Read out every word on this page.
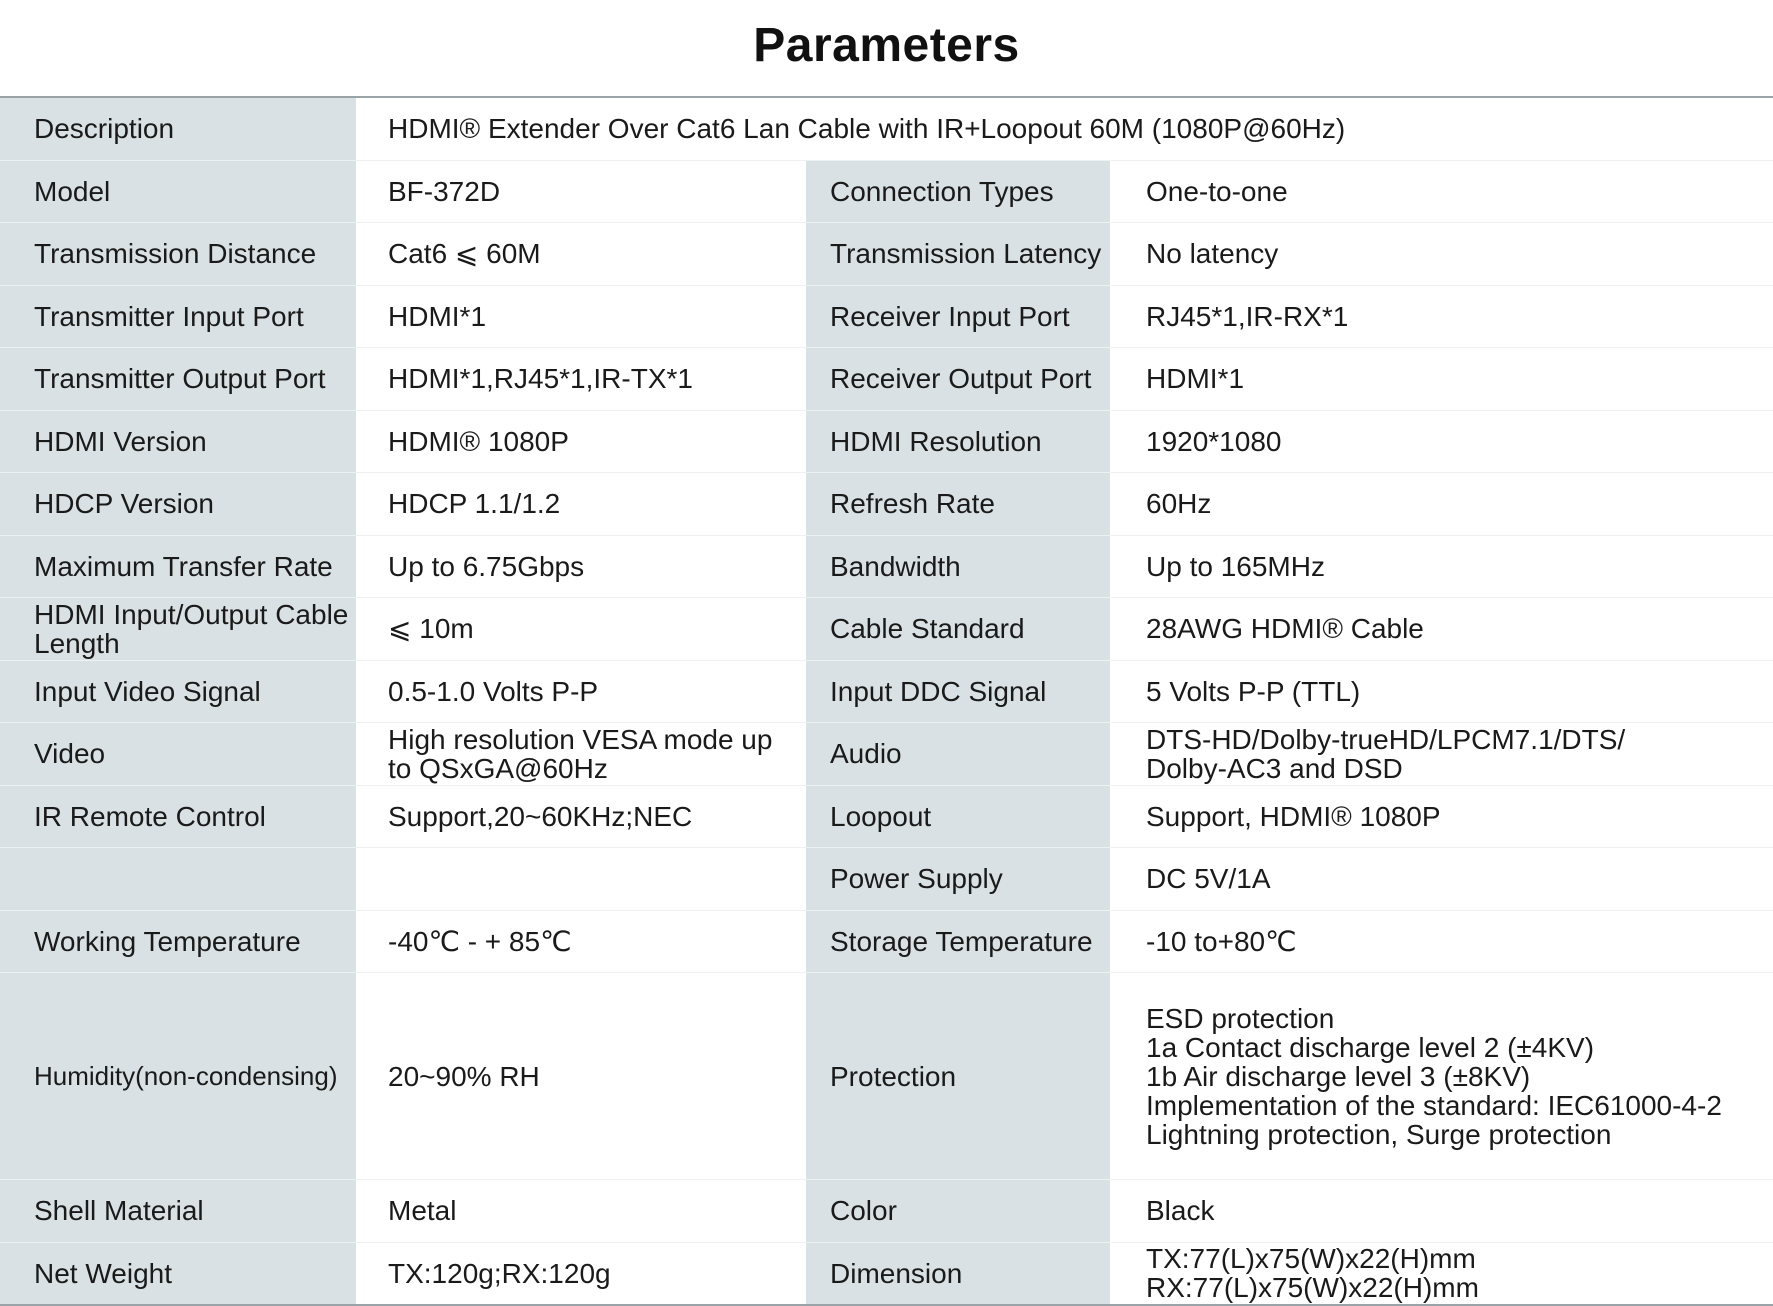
Parameters
Description	HDMI® Extender Over Cat6 Lan Cable with IR+Loopout 60M (1080P@60Hz)		
Model	BF-372D	Connection Types	One-to-one
Transmission Distance	Cat6 ⩽ 60M	Transmission Latency	No latency
Transmitter Input Port	HDMI*1	Receiver Input Port	RJ45*1,IR-RX*1
Transmitter Output Port	HDMI*1,RJ45*1,IR-TX*1	Receiver Output Port	HDMI*1
HDMI Version	HDMI® 1080P	HDMI Resolution	1920*1080
HDCP Version	HDCP 1.1/1.2	Refresh Rate	60Hz
Maximum Transfer Rate	Up to 6.75Gbps	Bandwidth	Up to 165MHz
HDMI Input/Output Cable
Length	⩽ 10m	Cable Standard	28AWG HDMI® Cable
Input Video Signal	0.5-1.0 Volts P-P	Input DDC Signal	5 Volts P-P (TTL)
Video	High resolution VESA mode up
to QSxGA@60Hz	Audio	DTS-HD/Dolby-trueHD/LPCM7.1/DTS/
Dolby-AC3 and DSD
IR Remote Control	Support,20~60KHz;NEC	Loopout	Support, HDMI® 1080P
		Power Supply	DC 5V/1A
Working Temperature	-40℃ - + 85℃	Storage Temperature	-10 to+80℃
Humidity(non-condensing)	20~90% RH	Protection	ESD protection
1a Contact discharge level 2 (±4KV)
1b Air discharge level 3 (±8KV)
Implementation of the standard: IEC61000-4-2
Lightning protection, Surge protection
Shell Material	Metal	Color	Black
Net Weight	TX:120g;RX:120g	Dimension	TX:77(L)x75(W)x22(H)mm
RX:77(L)x75(W)x22(H)mm
